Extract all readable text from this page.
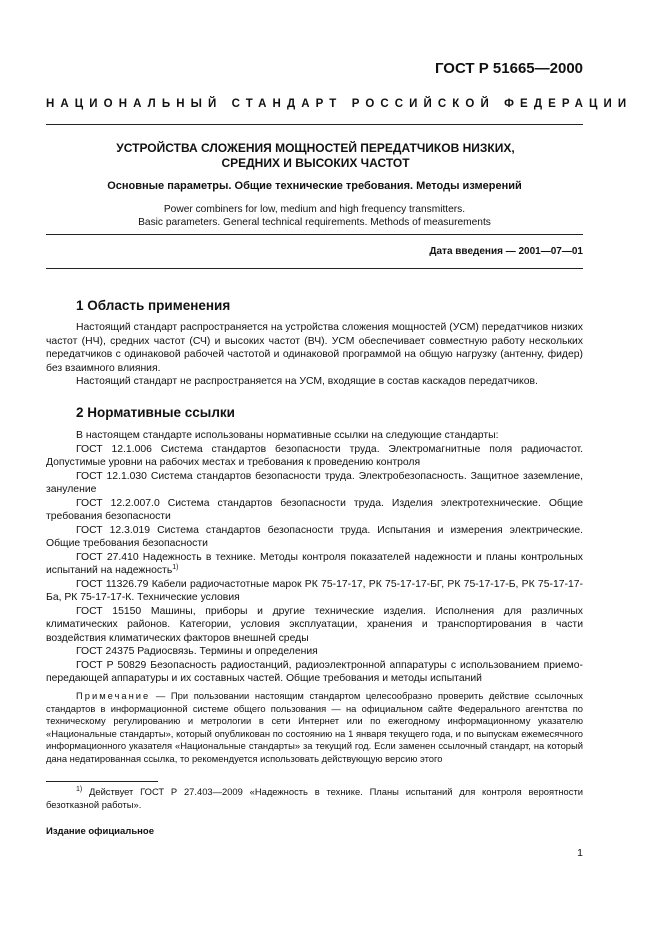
ГОСТ Р 51665—2000
НАЦИОНАЛЬНЫЙ СТАНДАРТ РОССИЙСКОЙ ФЕДЕРАЦИИ
УСТРОЙСТВА СЛОЖЕНИЯ МОЩНОСТЕЙ ПЕРЕДАТЧИКОВ НИЗКИХ, СРЕДНИХ И ВЫСОКИХ ЧАСТОТ
Основные параметры. Общие технические требования. Методы измерений
Power combiners for low, medium and high frequency transmitters.
Basic parameters. General technical requirements. Methods of measurements
Дата введения — 2001—07—01
1 Область применения

Настоящий стандарт распространяется на устройства сложения мощностей (УСМ) передатчиков низких частот (НЧ), средних частот (СЧ) и высоких частот (ВЧ). УСМ обеспечивает совместную работу нескольких передатчиков с одинаковой рабочей частотой и одинаковой программой на общую нагрузку (антенну, фидер) без взаимного влияния.

Настоящий стандарт не распространяется на УСМ, входящие в состав каскадов передатчиков.

2 Нормативные ссылки

В настоящем стандарте использованы нормативные ссылки на следующие стандарты:

ГОСТ 12.1.006 Система стандартов безопасности труда. Электромагнитные поля радиочастот. Допустимые уровни на рабочих местах и требования к проведению контроля

ГОСТ 12.1.030 Система стандартов безопасности труда. Электробезопасность. Защитное заземление, зануление

ГОСТ 12.2.007.0 Система стандартов безопасности труда. Изделия электротехнические. Общие требования безопасности

ГОСТ 12.3.019 Система стандартов безопасности труда. Испытания и измерения электрические. Общие требования безопасности

ГОСТ 27.410 Надежность в технике. Методы контроля показателей надежности и планы контрольных испытаний на надежность$^{1)}$

ГОСТ 11326.79 Кабели радиочастотные марок РК 75-17-17, РК 75-17-17-БГ, РК 75-17-17-Б, РК 75-17-17-Ба, РК 75-17-17-К. Технические условия

ГОСТ 15150 Машины, приборы и другие технические изделия. Исполнения для различных климатических районов. Категории, условия эксплуатации, хранения и транспортирования в части воздействия климатических факторов внешней среды

ГОСТ 24375 Радиосвязь. Термины и определения

ГОСТ Р 50829 Безопасность радиостанций, радиоэлектронной аппаратуры с использованием приемо-передающей аппаратуры и их составных частей. Общие требования и методы испытаний

Примечание — При пользовании настоящим стандартом целесообразно проверить действие ссылочных стандартов в информационной системе общего пользования — на официальном сайте Федерального агентства по техническому регулированию и метрологии в сети Интернет или по ежегодному информационному указателю «Национальные стандарты», который опубликован по состоянию на 1 января текущего года, и по выпускам ежемесячного информационного указателя «Национальные стандарты» за текущий год. Если заменен ссылочный стандарт, на который дана недатированная ссылка, то рекомендуется использовать действующую версию этого

$^{1)}$ Действует ГОСТ Р 27.403—2009 «Надежность в технике. Планы испытаний для контроля вероятности безотказной работы».

Издание официальное
1
